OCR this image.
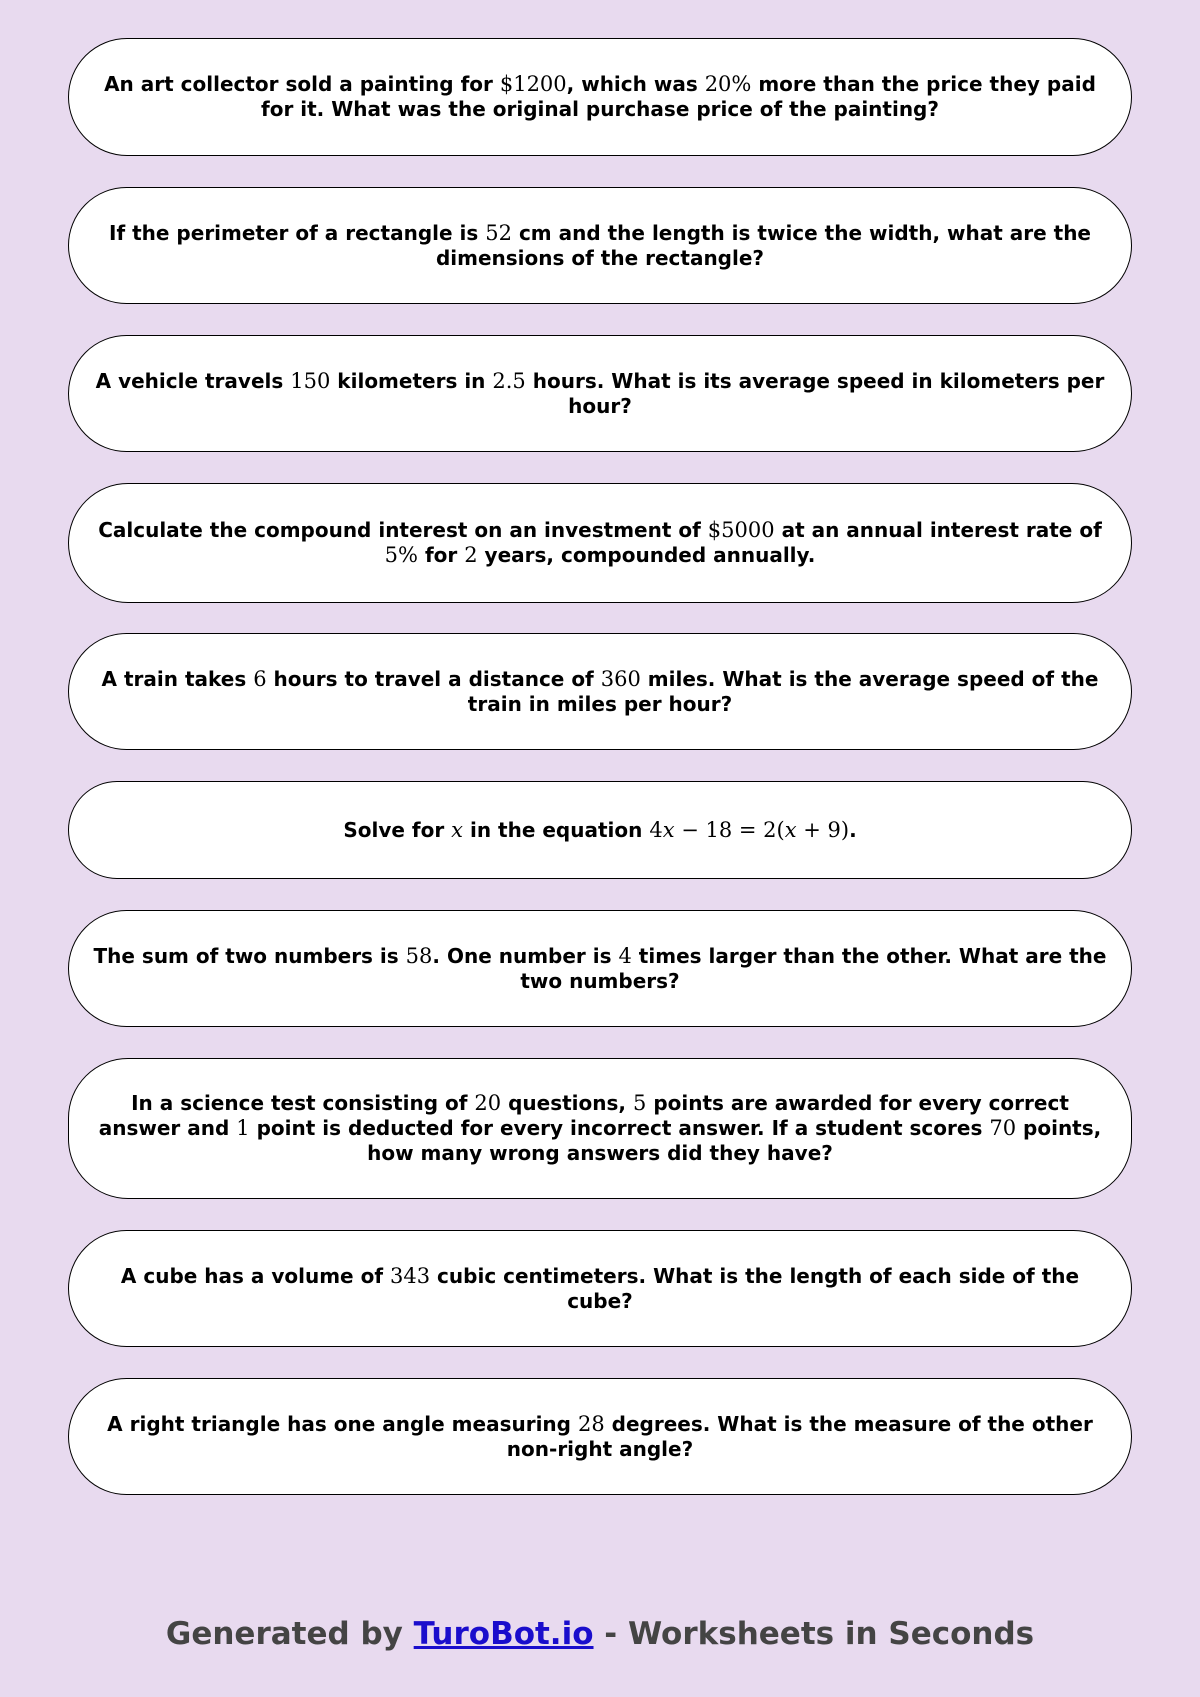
An art collector sold a painting for $1200, which was 20% more than the price they paid for it. What was the original purchase price of the painting?
If the perimeter of a rectangle is 52 cm and the length is twice the width, what are the dimensions of the rectangle?
A vehicle travels 150 kilometers in 2.5 hours. What is its average speed in kilometers per hour?
Calculate the compound interest on an investment of $5000 at an annual interest rate of 5% for 2 years, compounded annually.
A train takes 6 hours to travel a distance of 360 miles. What is the average speed of the train in miles per hour?
Solve for x in the equation 4x − 18 = 2(x + 9).
The sum of two numbers is 58. One number is 4 times larger than the other. What are the two numbers?
In a science test consisting of 20 questions, 5 points are awarded for every correct answer and 1 point is deducted for every incorrect answer. If a student scores 70 points, how many wrong answers did they have?
A cube has a volume of 343 cubic centimeters. What is the length of each side of the cube?
A right triangle has one angle measuring 28 degrees. What is the measure of the other non-right angle?
Generated by TuroBot.io - Worksheets in Seconds
